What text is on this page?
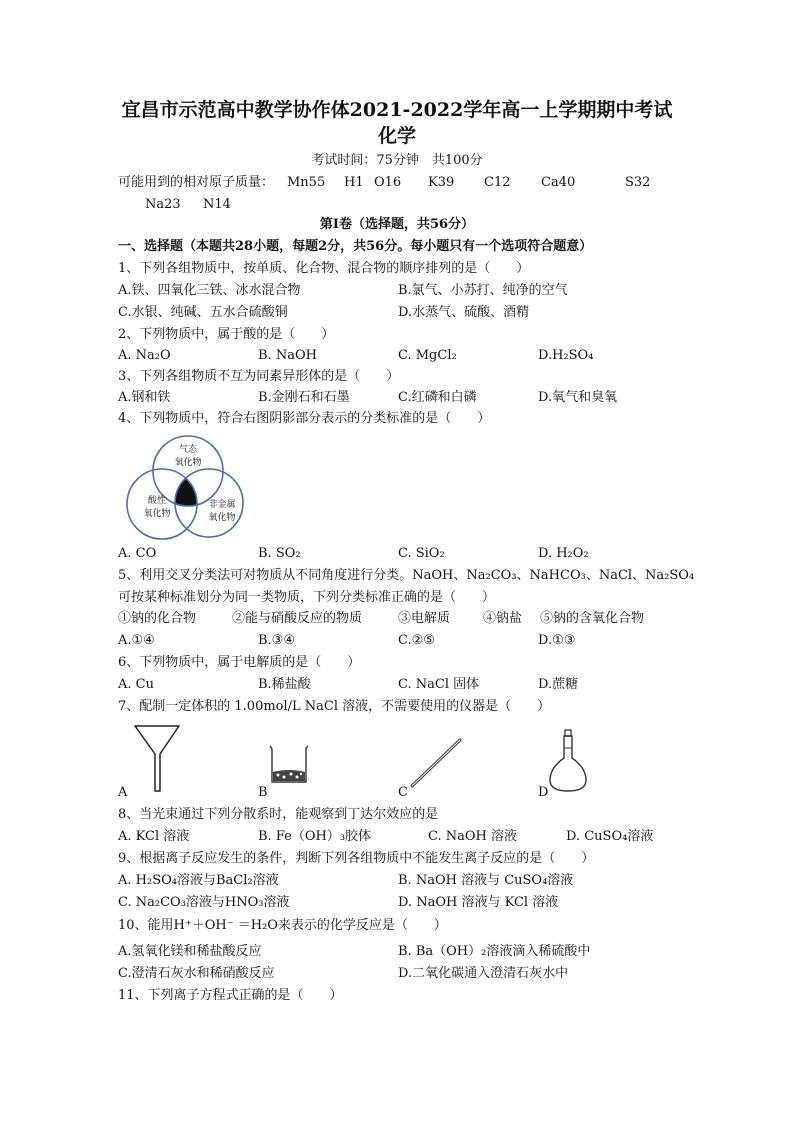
宜昌市示范高中教学协作体2021-2022学年高一上学期期中考试
化学
考试时间：75分钟　共100分
可能用到的相对原子质量： Mn55 H1 O16 K39 C12 Ca40	S32
Na23 N14
第Ⅰ卷（选择题，共56分）
一、选择题（本题共28小题，每题2分，共56分。每小题只有一个选项符合题意）
1、下列各组物质中，按单质、化合物、混合物的顺序排列的是（　　）
A.铁、四氧化三铁、冰水混合物	B.氯气、小苏打、纯净的空气
C.水银、纯碱、五水合硫酸铜	D.水蒸气、硫酸、酒精
2、下列物质中，属于酸的是（　　）
A. Na₂O	B. NaOH	C. MgCl₂	D.H₂SO₄
3、下列各组物质不互为同素异形体的是（　　）
A.钢和铁	B.金刚石和石墨	C.红磷和白磷	D.氧气和臭氧
4、下列物质中，符合右图阴影部分表示的分类标准的是（　　）
气态
氧化物
酸性
氧化物
非金属
氧化物
A. CO	B. SO₂	C. SiO₂	D. H₂O₂
5、利用交叉分类法可对物质从不同角度进行分类。NaOH、Na₂CO₃、NaHCO₃、NaCl、Na₂SO₄
可按某种标准划分为同一类物质，下列分类标准正确的是（　　）
①钠的化合物	②能与硝酸反应的物质	③电解质	④钠盐 ⑤钠的含氧化合物
A.①④	B.③④	C.②⑤	D.①③
6、下列物质中，属于电解质的是（　　）
A. Cu	B.稀盐酸	C. NaCl 固体	D.蔗糖
7、配制一定体积的 1.00mol/L NaCl 溶液，不需要使用的仪器是（　　）
A	B	C	D
8、当光束通过下列分散系时，能观察到丁达尔效应的是
A. KCl 溶液	B. Fe（OH）₃胶体	C. NaOH 溶液	D. CuSO₄溶液
9、根据离子反应发生的条件，判断下列各组物质中不能发生离子反应的是（　　）
A. H₂SO₄溶液与BaCl₂溶液	B. NaOH 溶液与 CuSO₄溶液
C. Na₂CO₃溶液与HNO₃溶液	D. NaOH 溶液与 KCl 溶液
10、能用H⁺＋OH⁻ ＝H₂O来表示的化学反应是（　　）
A.氢氧化镁和稀盐酸反应	B. Ba（OH）₂溶液滴入稀硫酸中
C.澄清石灰水和稀硝酸反应	D.二氧化碳通入澄清石灰水中
11、下列离子方程式正确的是（　　）
